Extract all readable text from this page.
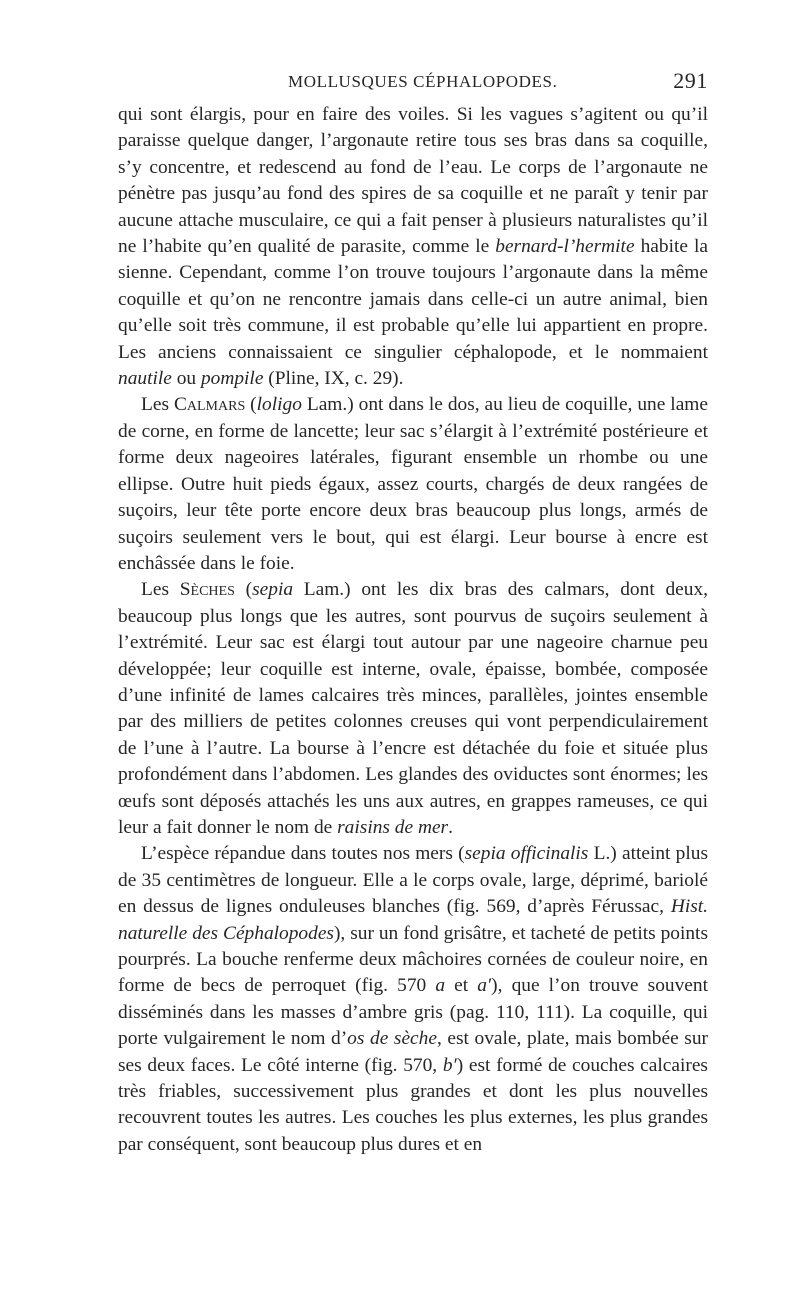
MOLLUSQUES CÉPHALOPODES.	291

qui sont élargis, pour en faire des voiles. Si les vagues s’agitent ou qu’il paraisse quelque danger, l’argonaute retire tous ses bras dans sa coquille, s’y concentre, et redescend au fond de l’eau. Le corps de l’argonaute ne pénètre pas jusqu’au fond des spires de sa coquille et ne paraît y tenir par aucune attache musculaire, ce qui a fait penser à plusieurs naturalistes qu’il ne l’habite qu’en qualité de parasite, comme le bernard-l’hermite habite la sienne. Cependant, comme l’on trouve toujours l’argonaute dans la même coquille et qu’on ne rencontre jamais dans celle-ci un autre animal, bien qu’elle soit très commune, il est probable qu’elle lui appartient en propre. Les anciens connaissaient ce singulier céphalopode, et le nommaient nautile ou pompile (Pline, IX, c. 29).

Les Calmars (loligo Lam.) ont dans le dos, au lieu de coquille, une lame de corne, en forme de lancette; leur sac s’élargit à l’extrémité postérieure et forme deux nageoires latérales, figurant ensemble un rhombe ou une ellipse. Outre huit pieds égaux, assez courts, chargés de deux rangées de suçoirs, leur tête porte encore deux bras beaucoup plus longs, armés de suçoirs seulement vers le bout, qui est élargi. Leur bourse à encre est enchâssée dans le foie.

Les Sèches (sepia Lam.) ont les dix bras des calmars, dont deux, beaucoup plus longs que les autres, sont pourvus de suçoirs seulement à l’extrémité. Leur sac est élargi tout autour par une nageoire charnue peu développée; leur coquille est interne, ovale, épaisse, bombée, composée d’une infinité de lames calcaires très minces, parallèles, jointes ensemble par des milliers de petites colonnes creuses qui vont perpendiculairement de l’une à l’autre. La bourse à l’encre est détachée du foie et située plus profondément dans l’abdomen. Les glandes des oviductes sont énormes; les œufs sont déposés attachés les uns aux autres, en grappes rameuses, ce qui leur a fait donner le nom de raisins de mer.

L’espèce répandue dans toutes nos mers (sepia officinalis L.) atteint plus de 35 centimètres de longueur. Elle a le corps ovale, large, déprimé, bariolé en dessus de lignes onduleuses blanches (fig. 569, d’après Férussac, Hist. naturelle des Céphalopodes), sur un fond grisâtre, et tacheté de petits points pourprés. La bouche renferme deux mâchoires cornées de couleur noire, en forme de becs de perroquet (fig. 570 a et a′), que l’on trouve souvent disséminés dans les masses d’ambre gris (pag. 110, 111). La coquille, qui porte vulgairement le nom d’os de sèche, est ovale, plate, mais bombée sur ses deux faces. Le côté interne (fig. 570, b′) est formé de couches calcaires très friables, successivement plus grandes et dont les plus nouvelles recouvrent toutes les autres. Les couches les plus externes, les plus grandes par conséquent, sont beaucoup plus dures et en
